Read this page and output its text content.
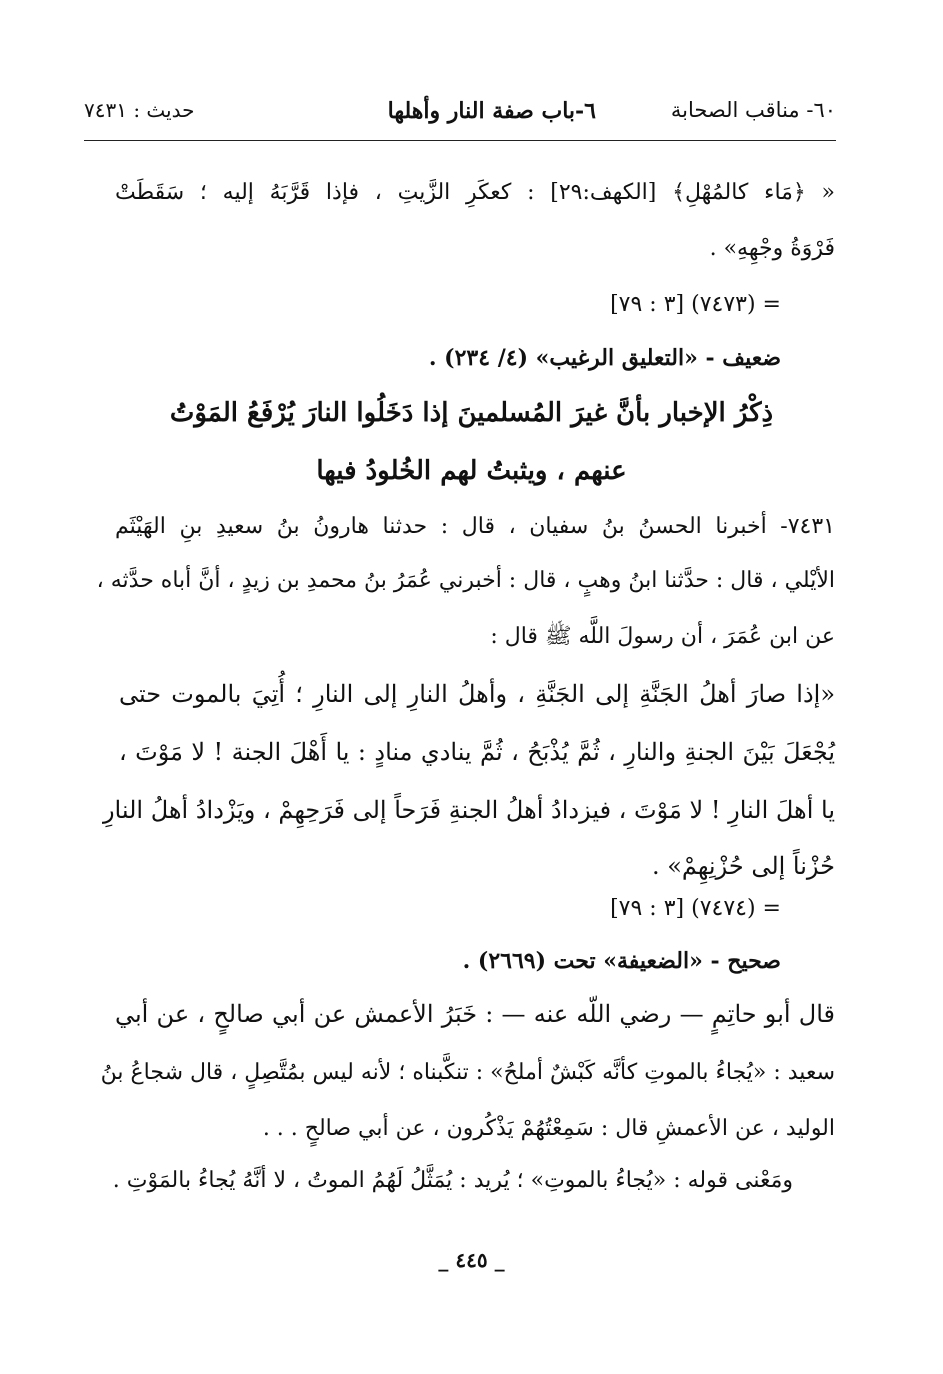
٦٠- مناقب الصحابة
٦-باب صفة النار وأهلها
حديث : ٧٤٣١
« ﴿مَاء كالمُهْلِ﴾ [الكهف:٢٩] : كعكَرِ الزَّيتِ ، فإذا قَرَّبَهُ إليه ؛ سَقَطَتْ
فَرْوَةُ وجْهِهِ» .
= (٧٤٧٣) [٣ : ٧٩]
ضعيف - «التعليق الرغيب» (٤/ ٢٣٤) .
ذِكْرُ الإخبار بأنَّ غيرَ المُسلمينَ إذا دَخَلُوا النارَ يُرْفَعُ المَوْتُ
عنهم ، ويثبتُ لهم الخُلودُ فيها
٧٤٣١- أخبرنا الحسنُ بنُ سفيان ، قال : حدثنا هارونُ بنُ سعيدِ بنِ الهَيْثَم
الأيْلي ، قال : حدَّثنا ابنُ وهبٍ ، قال : أخبرني عُمَرُ بنُ محمدِ بن زيدٍ ، أنَّ أباه حدَّثه ،
عن ابن عُمَرَ ، أن رسولَ اللَّه ﷺ قال :
«إذا صارَ أهلُ الجَنَّةِ إلى الجَنَّةِ ، وأهلُ النارِ إلى النارِ ؛ أُتِيَ بالموت حتى
يُجْعَلَ بَيْنَ الجنةِ والنارِ ، ثُمَّ يُذْبَحُ ، ثُمَّ ينادي منادٍ : يا أَهْلَ الجنة ! لا مَوْتَ ،
يا أهلَ النارِ ! لا مَوْتَ ، فيزدادُ أهلُ الجنةِ فَرَحاً إلى فَرَحِهِمْ ، ويَزْدادُ أهلُ النارِ
حُزْناً إلى حُزْنِهِمْ» .
= (٧٤٧٤) [٣ : ٧٩]
صحيح - «الضعيفة» تحت (٢٦٦٩) .
قال أبو حاتِمٍ — رضي اللّه عنه — : خَبَرُ الأعمش عن أبي صالحٍ ، عن أبي
سعيد : «يُجاءُ بالموتِ كأنَّه كَبْشٌ أملحُ» : تنكَّبناه ؛ لأنه ليس بمُتَّصِلٍ ، قال شجاعُ بنُ
الوليد ، عن الأعمشِ قال : سَمِعْتُهُمْ يَذْكُرون ، عن أبي صالحٍ . . .
ومَعْنى قوله : «يُجاءُ بالموتِ» ؛ يُريد : يُمَثَّلُ لَهُمُ الموتُ ، لا أنَّهُ يُجاءُ بالمَوْتِ .
_ ٤٤٥ _
